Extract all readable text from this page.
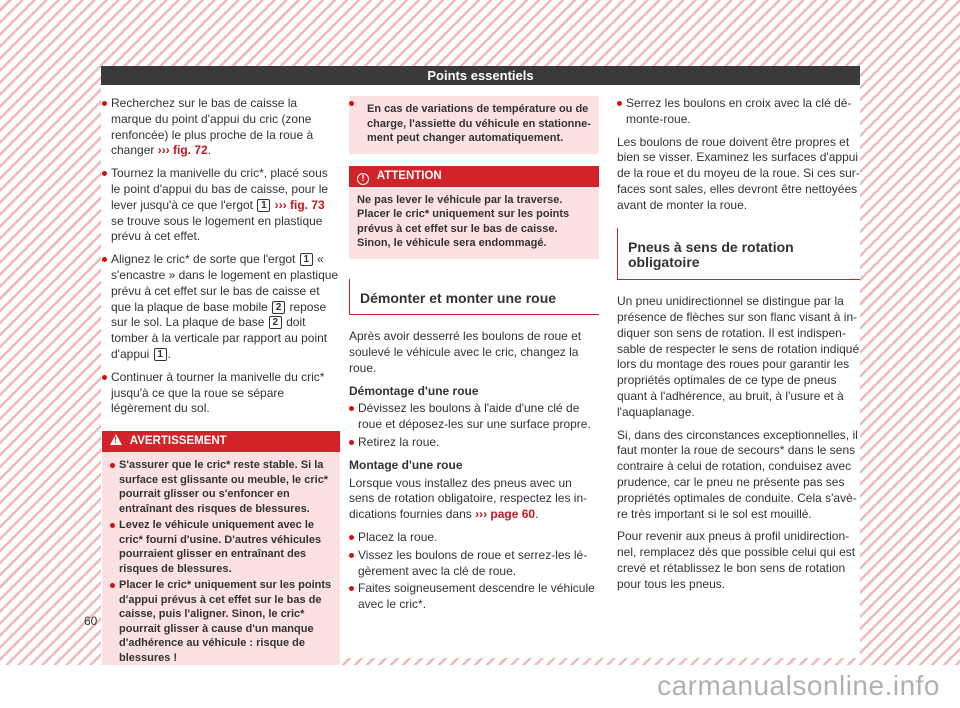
Points essentiels

Recherchez sur le bas de caisse la marque du point d'appui du cric (zone renfoncée) le plus proche de la roue à changer ››› fig. 72.

Tournez la manivelle du cric*, placé sous le point d'appui du bas de caisse, pour le lever jusqu'à ce que l'ergot 1 ››› fig. 73 se trouve sous le logement en plastique prévu à cet effet.

Alignez le cric* de sorte que l'ergot 1 « s'encastre » dans le logement en plastique prévu à cet effet sur le bas de caisse et que la plaque de base mobile 2 repose sur le sol. La plaque de base 2 doit tomber à la verticale par rapport au point d'appui 1 .

Continuer à tourner la manivelle du cric* jusqu'à ce que la roue se sépare légèrement du sol.

! AVERTISSEMENT
S'assurer que le cric* reste stable. Si la surface est glissante ou meuble, le cric* pourrait glisser ou s'enfoncer en entraînant des risques de blessures.
Levez le véhicule uniquement avec le cric* fourni d'usine. D'autres véhicules pourraient glisser en entraînant des risques de blessures.
Placer le cric* uniquement sur les points d'appui prévus à cet effet sur le bas de caisse, puis l'aligner. Sinon, le cric* pourrait glisser à cause d'un manque d'adhérence au véhicule : risque de blessures !
En cas de variations de température ou de charge, l'assiette du véhicule en stationnement peut changer automatiquement.
! ATTENTION
Ne pas lever le véhicule par la traverse. Placer le cric* uniquement sur les points prévus à cet effet sur le bas de caisse. Sinon, le véhicule sera endommagé.
Démonter et monter une roue

Après avoir desserré les boulons de roue et soulevé le véhicule avec le cric, changez la roue.

Démontage d'une roue

Dévissez les boulons à l'aide d'une clé de roue et déposez-les sur une surface propre.

Retirez la roue.

Montage d'une roue

Lorsque vous installez des pneus avec un sens de rotation obligatoire, respectez les indications fournies dans ››› page 60.

Placez la roue.

Vissez les boulons de roue et serrez-les légèrement avec la clé de roue.

Faites soigneusement descendre le véhicule avec le cric*.

Serrez les boulons en croix avec la clé démonte-roue.

Les boulons de roue doivent être propres et bien se visser. Examinez les surfaces d'appui de la roue et du moyeu de la roue. Si ces surfaces sont sales, elles devront être nettoyées avant de monter la roue.

Pneus à sens de rotation obligatoire

Un pneu unidirectionnel se distingue par la présence de flèches sur son flanc visant à indiquer son sens de rotation. Il est indispensable de respecter le sens de rotation indiqué lors du montage des roues pour garantir les propriétés optimales de ce type de pneus quant à l'adhérence, au bruit, à l'usure et à l'aquaplanage.

Si, dans des circonstances exceptionnelles, il faut monter la roue de secours* dans le sens contraire à celui de rotation, conduisez avec prudence, car le pneu ne présente pas ses propriétés optimales de conduite. Cela s'avère très important si le sol est mouillé.

Pour revenir aux pneus à profil unidirectionnel, remplacez dès que possible celui qui est crevé et rétablissez le bon sens de rotation pour tous les pneus.

60
carmanualsonline.info
